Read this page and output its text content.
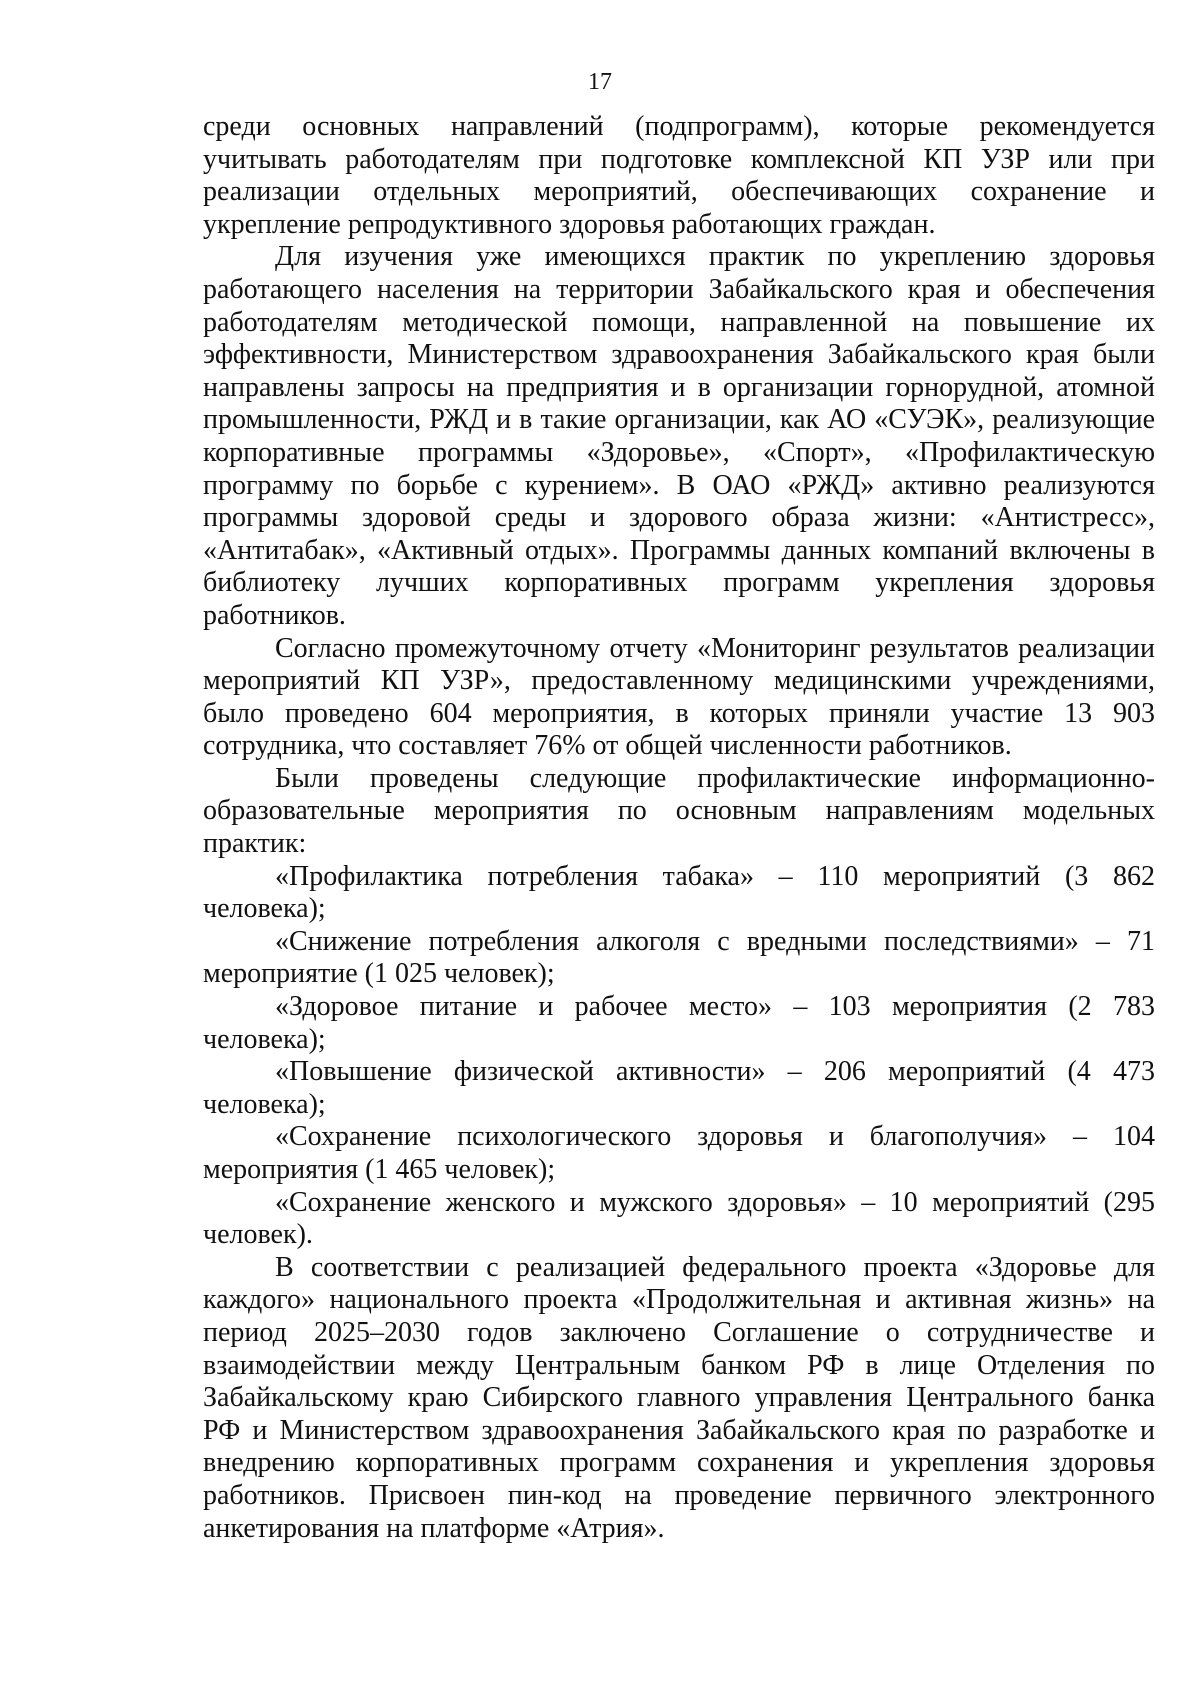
17

среди основных направлений (подпрограмм), которые рекомендуется учитывать работодателям при подготовке комплексной КП УЗР или при реализации отдельных мероприятий, обеспечивающих сохранение и укрепление репродуктивного здоровья работающих граждан.

Для изучения уже имеющихся практик по укреплению здоровья работающего населения на территории Забайкальского края и обеспечения работодателям методической помощи, направленной на повышение их эффективности, Министерством здравоохранения Забайкальского края были направлены запросы на предприятия и в организации горнорудной, атомной промышленности, РЖД и в такие организации, как АО «СУЭК», реализующие корпоративные программы «Здоровье», «Спорт», «Профилактическую программу по борьбе с курением». В ОАО «РЖД» активно реализуются программы здоровой среды и здорового образа жизни: «Антистресс», «Антитабак», «Активный отдых». Программы данных компаний включены в библиотеку лучших корпоративных программ укрепления здоровья работников.

Согласно промежуточному отчету «Мониторинг результатов реализации мероприятий КП УЗР», предоставленному медицинскими учреждениями, было проведено 604 мероприятия, в которых приняли участие 13 903 сотрудника, что составляет 76% от общей численности работников.

Были проведены следующие профилактические информационно-образовательные мероприятия по основным направлениям модельных практик:

«Профилактика потребления табака» – 110 мероприятий (3 862 человека);

«Снижение потребления алкоголя с вредными последствиями» – 71 мероприятие (1 025 человек);

«Здоровое питание и рабочее место» – 103 мероприятия (2 783 человека);

«Повышение физической активности» – 206 мероприятий (4 473 человека);

«Сохранение психологического здоровья и благополучия» – 104 мероприятия (1 465 человек);

«Сохранение женского и мужского здоровья» – 10 мероприятий (295 человек).

В соответствии с реализацией федерального проекта «Здоровье для каждого» национального проекта «Продолжительная и активная жизнь» на период 2025–2030 годов заключено Соглашение о сотрудничестве и взаимодействии между Центральным банком РФ в лице Отделения по Забайкальскому краю Сибирского главного управления Центрального банка РФ и Министерством здравоохранения Забайкальского края по разработке и внедрению корпоративных программ сохранения и укрепления здоровья работников. Присвоен пин-код на проведение первичного электронного анкетирования на платформе «Атрия».
